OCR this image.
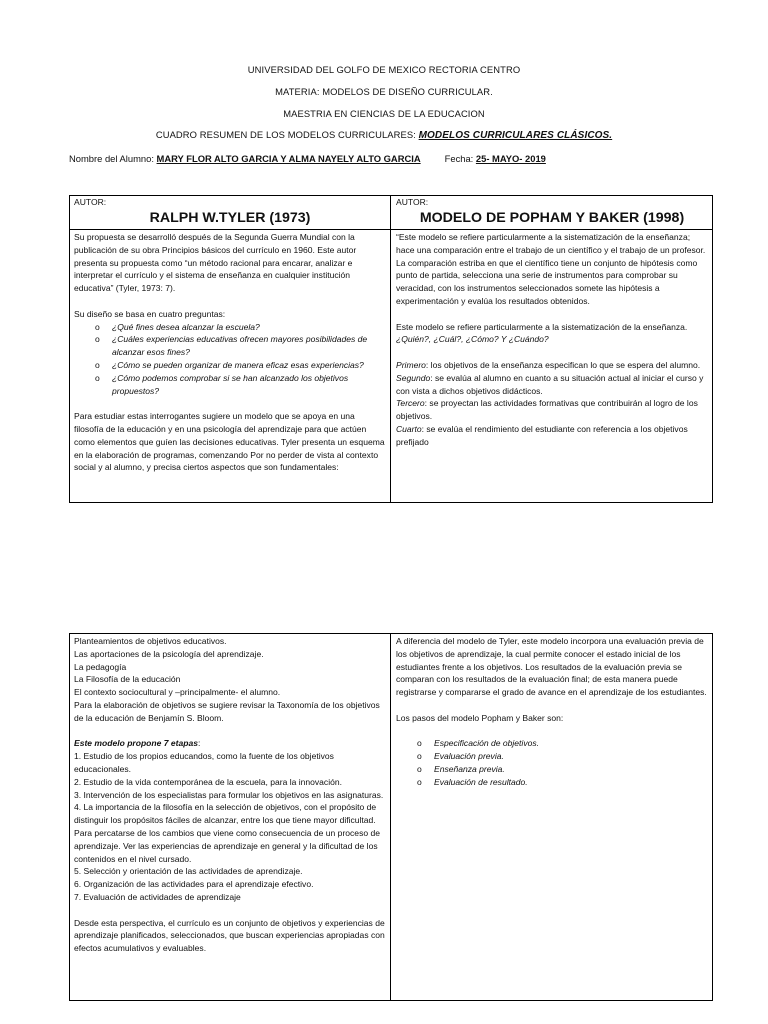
UNIVERSIDAD DEL GOLFO DE MEXICO RECTORIA CENTRO
MATERIA: MODELOS DE DISEÑO CURRICULAR.
MAESTRIA EN CIENCIAS DE LA EDUCACION
CUADRO RESUMEN DE LOS MODELOS CURRICULARES: MODELOS CURRICULARES CLÁSICOS.
Nombre del Alumno: MARY FLOR ALTO GARCIA Y ALMA NAYELY ALTO GARCIA	Fecha: 25- MAYO- 2019
AUTOR:
RALPH W.TYLER (1973)

Su propuesta se desarrolló después de la Segunda Guerra Mundial con la publicación de su obra Principios básicos del currículo en 1960. Este autor presenta su propuesta como “un método racional para encarar, analizar e interpretar el currículo y el sistema de enseñanza en cualquier institución educativa” (Tyler, 1973: 7).

Su diseño se basa en cuatro preguntas:

o ¿Qué fines desea alcanzar la escuela?
o ¿Cuáles experiencias educativas ofrecen mayores posibilidades de alcanzar esos fines?
o ¿Cómo se pueden organizar de manera eficaz esas experiencias?
o ¿Cómo podemos comprobar si se han alcanzado los objetivos propuestos?

Para estudiar estas interrogantes sugiere un modelo que se apoya en una filosofía de la educación y en una psicología del aprendizaje para que actúen como elementos que guíen las decisiones educativas. Tyler presenta un esquema en la elaboración de programas, comenzando Por no perder de vista al contexto social y al alumno, y precisa ciertos aspectos que son fundamentales:

AUTOR:
MODELO DE POPHAM Y BAKER (1998)

“Este modelo se refiere particularmente a la sistematización de la enseñanza; hace una comparación entre el trabajo de un científico y el trabajo de un profesor. La comparación estriba en que el científico tiene un conjunto de hipótesis como punto de partida, selecciona una serie de instrumentos para comprobar su veracidad, con los instrumentos seleccionados somete las hipótesis a experimentación y evalúa los resultados obtenidos.

Este modelo se refiere particularmente a la sistematización de la enseñanza. ¿Quién?, ¿Cuál?, ¿Cómo? Y ¿Cuándo?

Primero: los objetivos de la enseñanza especifican lo que se espera del alumno.

Segundo: se evalúa al alumno en cuanto a su situación actual al iniciar el curso y con vista a dichos objetivos didácticos.

Tercero: se proyectan las actividades formativas que contribuirán al logro de los objetivos.

Cuarto: se evalúa el rendimiento del estudiante con referencia a los objetivos prefijado

Planteamientos de objetivos educativos.

Las aportaciones de la psicología del aprendizaje.

La pedagogía

La Filosofía de la educación

El contexto sociocultural y –principalmente- el alumno.

Para la elaboración de objetivos se sugiere revisar la Taxonomía de los objetivos de la educación de Benjamín S. Bloom.

Este modelo propone 7 etapas:

1. Estudio de los propios educandos, como la fuente de los objetivos educacionales.

2. Estudio de la vida contemporánea de la escuela, para la innovación.

3. Intervención de los especialistas para formular los objetivos en las asignaturas.

4. La importancia de la filosofía en la selección de objetivos, con el propósito de distinguir los propósitos fáciles de alcanzar, entre los que tiene mayor dificultad. Para percatarse de los cambios que viene como consecuencia de un proceso de aprendizaje. Ver las experiencias de aprendizaje en general y la dificultad de los contenidos en el nivel cursado.

5. Selección y orientación de las actividades de aprendizaje.

6. Organización de las actividades para el aprendizaje efectivo.

7. Evaluación de actividades de aprendizaje

Desde esta perspectiva, el currículo es un conjunto de objetivos y experiencias de aprendizaje planificados, seleccionados, que buscan experiencias apropiadas con efectos acumulativos y evaluables.

A diferencia del modelo de Tyler, este modelo incorpora una evaluación previa de los objetivos de aprendizaje, la cual permite conocer el estado inicial de los estudiantes frente a los objetivos. Los resultados de la evaluación previa se comparan con los resultados de la evaluación final; de esta manera puede registrarse y compararse el grado de avance en el aprendizaje de los estudiantes.

Los pasos del modelo Popham y Baker son:

o Especificación de objetivos.
o Evaluación previa.
o Enseñanza previa.
o Evaluación de resultado.
